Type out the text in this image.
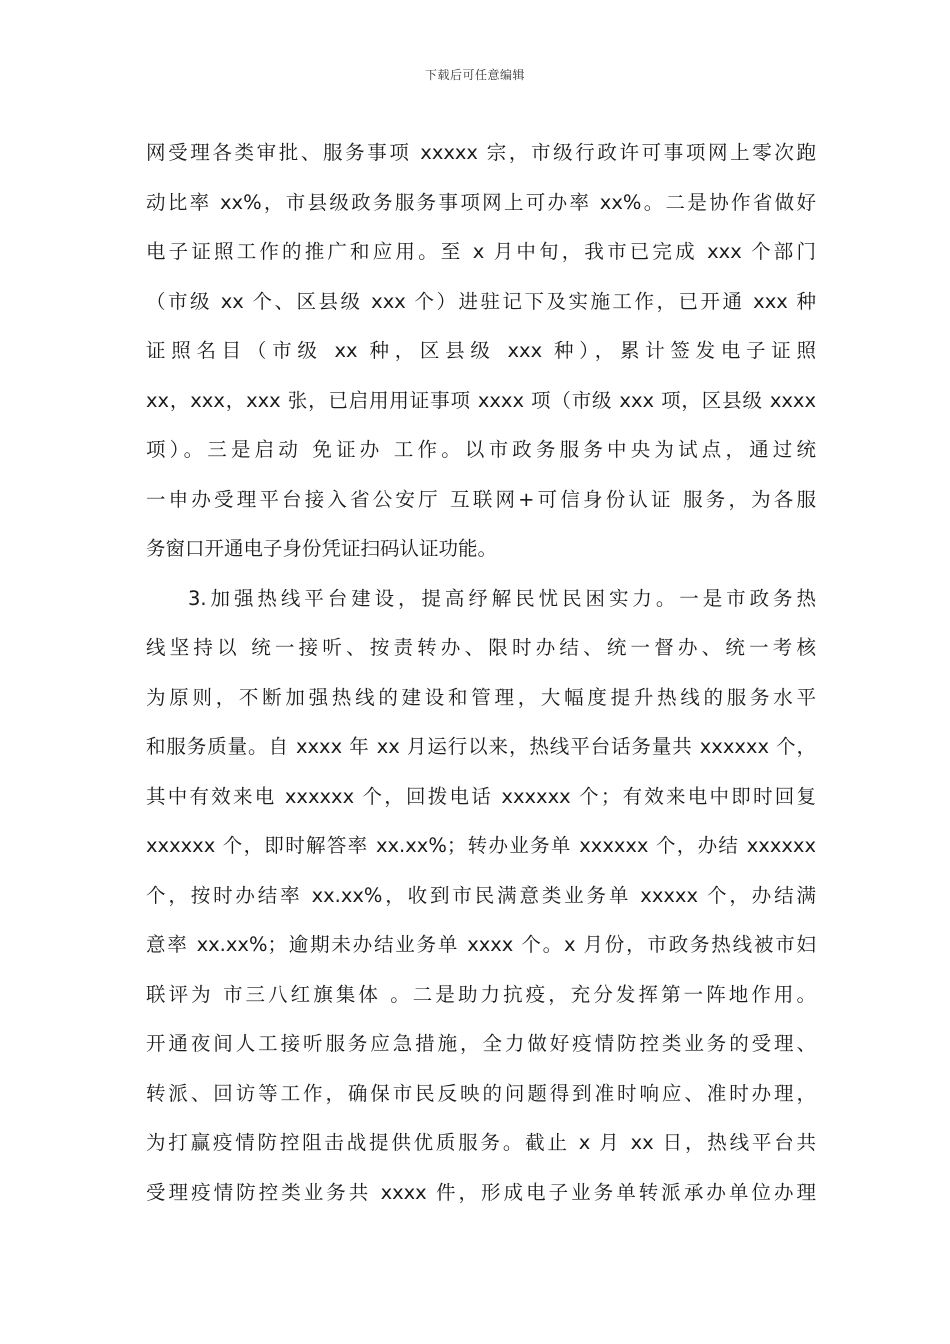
下载后可任意编辑
网受理各类审批、服务事项 xxxxx 宗，市级行政许可事项网上零次跑
动比率 xx%，市县级政务服务事项网上可办率 xx%。二是协作省做好
电子证照工作的推广和应用。至 x 月中旬，我市已完成 xxx 个部门
（市级 xx 个、区县级 xxx 个）进驻记下及实施工作，已开通 xxx 种
证照名目（市级 xx 种，区县级 xxx 种），累计签发电子证照
xx，xxx，xxx 张，已启用用证事项 xxxx 项（市级 xxx 项，区县级 xxxx
项）。三是启动 免证办 工作。以市政务服务中央为试点，通过统
一申办受理平台接入省公安厅 互联网+可信身份认证 服务，为各服
务窗口开通电子身份凭证扫码认证功能。
3.加强热线平台建设，提高纾解民忧民困实力。一是市政务热
线坚持以 统一接听、按责转办、限时办结、统一督办、统一考核
为原则，不断加强热线的建设和管理，大幅度提升热线的服务水平
和服务质量。自 xxxx 年 xx 月运行以来，热线平台话务量共 xxxxxx 个，
其中有效来电 xxxxxx 个，回拨电话 xxxxxx 个；有效来电中即时回复
xxxxxx 个，即时解答率 xx.xx%；转办业务单 xxxxxx 个，办结 xxxxxx
个，按时办结率 xx.xx%，收到市民满意类业务单 xxxxx 个，办结满
意率 xx.xx%；逾期未办结业务单 xxxx 个。x 月份，市政务热线被市妇
联评为 市三八红旗集体 。二是助力抗疫，充分发挥第一阵地作用。
开通夜间人工接听服务应急措施，全力做好疫情防控类业务的受理、
转派、回访等工作，确保市民反映的问题得到准时响应、准时办理，
为打赢疫情防控阻击战提供优质服务。截止 x 月 xx 日，热线平台共
受理疫情防控类业务共 xxxx 件，形成电子业务单转派承办单位办理
